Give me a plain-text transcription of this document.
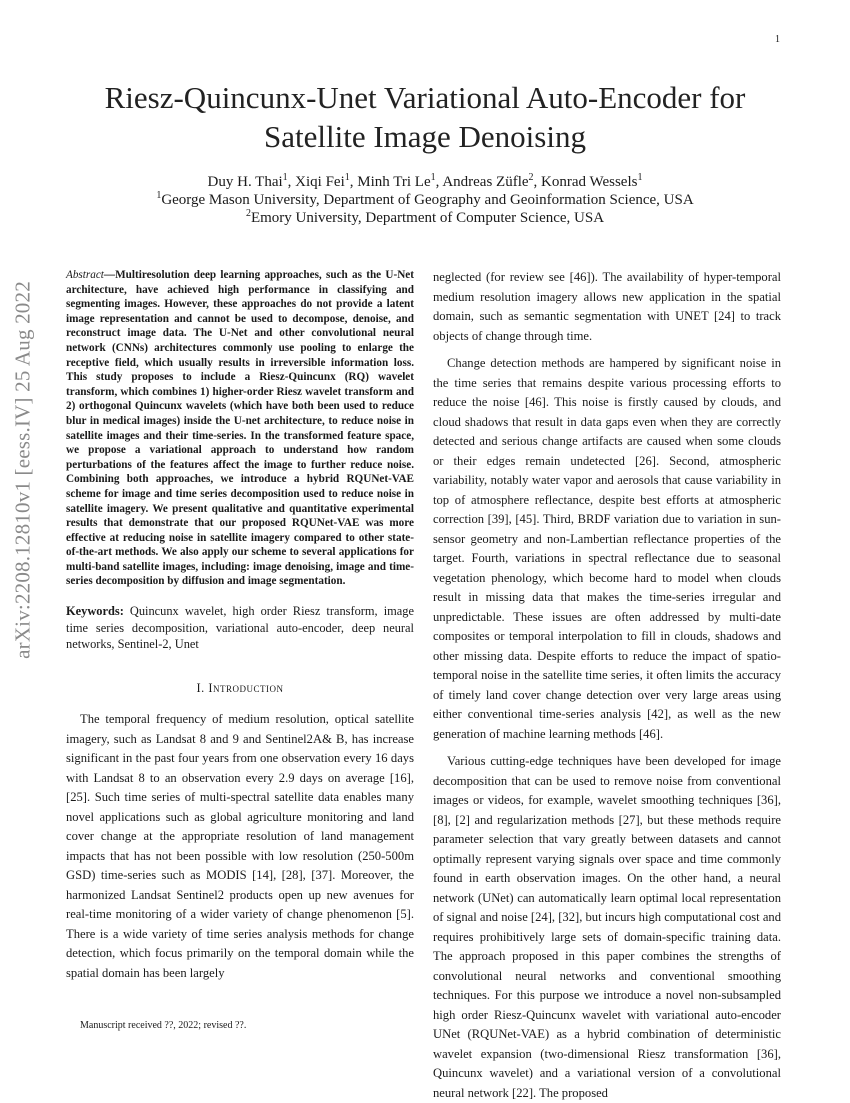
1
Riesz-Quincunx-Unet Variational Auto-Encoder for
Satellite Image Denoising
Duy H. Thai$^1$, Xiqi Fei$^1$, Minh Tri Le$^1$, Andreas Züfle$^2$, Konrad Wessels$^1$
$^1$George Mason University, Department of Geography and Geoinformation Science, USA
$^2$Emory University, Department of Computer Science, USA
arXiv:2208.12810v1 [eess.IV] 25 Aug 2022

Abstract—Multiresolution deep learning approaches, such as the U-Net architecture, have achieved high performance in classifying and segmenting images. However, these approaches do not provide a latent image representation and cannot be used to decompose, denoise, and reconstruct image data. The U-Net and other convolutional neural network (CNNs) architectures commonly use pooling to enlarge the receptive field, which usually results in irreversible information loss. This study proposes to include a Riesz-Quincunx (RQ) wavelet transform, which combines 1) higher-order Riesz wavelet transform and 2) orthogonal Quincunx wavelets (which have both been used to reduce blur in medical images) inside the U-net architecture, to reduce noise in satellite images and their time-series. In the transformed feature space, we propose a variational approach to understand how random perturbations of the features affect the image to further reduce noise. Combining both approaches, we introduce a hybrid RQUNet-VAE scheme for image and time series decomposition used to reduce noise in satellite imagery. We present qualitative and quantitative experimental results that demonstrate that our proposed RQUNet-VAE was more effective at reducing noise in satellite imagery compared to other state-of-the-art methods. We also apply our scheme to several applications for multi-band satellite images, including: image denoising, image and time-series decomposition by diffusion and image segmentation.

Keywords: Quincunx wavelet, high order Riesz transform, image time series decomposition, variational auto-encoder, deep neural networks, Sentinel-2, Unet

I. Introduction

The temporal frequency of medium resolution, optical satellite imagery, such as Landsat 8 and 9 and Sentinel2A& B, has increase significant in the past four years from one observation every 16 days with Landsat 8 to an observation every 2.9 days on average [16], [25]. Such time series of multi-spectral satellite data enables many novel applications such as global agriculture monitoring and land cover change at the appropriate resolution of land management impacts that has not been possible with low resolution (250-500m GSD) time-series such as MODIS [14], [28], [37]. Moreover, the harmonized Landsat Sentinel2 products open up new avenues for real-time monitoring of a wider variety of change phenomenon [5]. There is a wide variety of time series analysis methods for change detection, which focus primarily on the temporal domain while the spatial domain has been largely

neglected (for review see [46]). The availability of hyper-temporal medium resolution imagery allows new application in the spatial domain, such as semantic segmentation with UNET [24] to track objects of change through time.

Change detection methods are hampered by significant noise in the time series that remains despite various processing efforts to reduce the noise [46]. This noise is firstly caused by clouds, and cloud shadows that result in data gaps even when they are correctly detected and serious change artifacts are caused when some clouds or their edges remain undetected [26]. Second, atmospheric variability, notably water vapor and aerosols that cause variability in top of atmosphere reflectance, despite best efforts at atmospheric correction [39], [45]. Third, BRDF variation due to variation in sun-sensor geometry and non-Lambertian reflectance properties of the target. Fourth, variations in spectral reflectance due to seasonal vegetation phenology, which become hard to model when clouds result in missing data that makes the time-series irregular and unpredictable. These issues are often addressed by multi-date composites or temporal interpolation to fill in clouds, shadows and other missing data. Despite efforts to reduce the impact of spatio-temporal noise in the satellite time series, it often limits the accuracy of timely land cover change detection over very large areas using either conventional time-series analysis [42], as well as the new generation of machine learning methods [46].

Various cutting-edge techniques have been developed for image decomposition that can be used to remove noise from conventional images or videos, for example, wavelet smoothing techniques [36], [8], [2] and regularization methods [27], but these methods require parameter selection that vary greatly between datasets and cannot optimally represent varying signals over space and time commonly found in earth observation images. On the other hand, a neural network (UNet) can automatically learn optimal local representation of signal and noise [24], [32], but incurs high computational cost and requires prohibitively large sets of domain-specific training data. The approach proposed in this paper combines the strengths of convolutional neural networks and conventional smoothing techniques. For this purpose we introduce a novel non-subsampled high order Riesz-Quincunx wavelet with variational auto-encoder UNet (RQUNet-VAE) as a hybrid combination of deterministic wavelet expansion (two-dimensional Riesz transformation [36], Quincunx wavelet) and a variational version of a convolutional neural network [22]. The proposed

Manuscript received ??, 2022; revised ??.
